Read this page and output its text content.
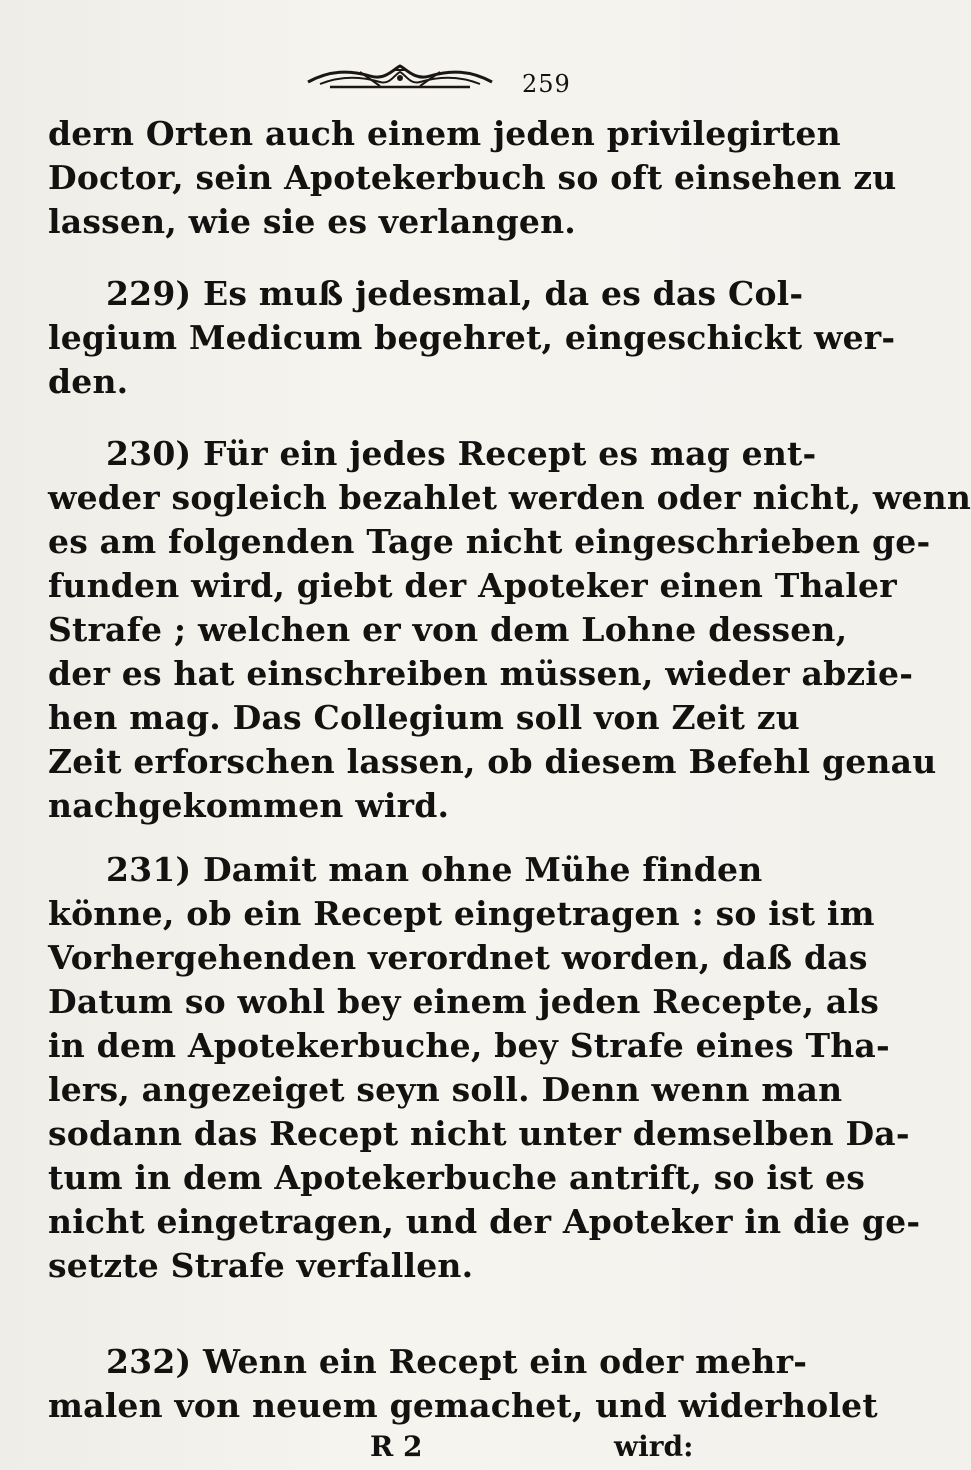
259
dern Orten auch einem jeden privilegirten
Doctor, sein Apotekerbuch so oft einsehen zu
lassen, wie sie es verlangen.
229) Es muß jedesmal, da es das Col‑
legium Medicum begehret, eingeschickt wer‑
den.
230) Für ein jedes Recept es mag ent‑
weder sogleich bezahlet werden oder nicht, wenn
es am folgenden Tage nicht eingeschrieben ge‑
funden wird, giebt der Apoteker einen Thaler
Strafe ; welchen er von dem Lohne dessen,
der es hat einschreiben müssen, wieder abzie‑
hen mag. Das Collegium soll von Zeit zu
Zeit erforschen lassen, ob diesem Befehl genau
nachgekommen wird.
231) Damit man ohne Mühe finden
könne, ob ein Recept eingetragen : so ist im
Vorhergehenden verordnet worden, daß das
Datum so wohl bey einem jeden Recepte, als
in dem Apotekerbuche, bey Strafe eines Tha‑
lers, angezeiget seyn soll. Denn wenn man
sodann das Recept nicht unter demselben Da‑
tum in dem Apotekerbuche antrift, so ist es
nicht eingetragen, und der Apoteker in die ge‑
setzte Strafe verfallen.
232) Wenn ein Recept ein oder mehr‑
malen von neuem gemachet, und widerholet
R 2	wird:
